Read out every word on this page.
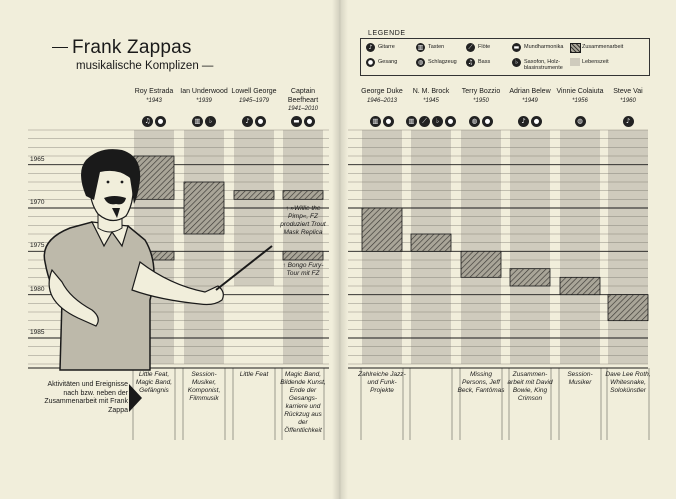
Frank Zappas
musikalische Komplizen —
LEGENDE
Aktivitäten und Ereignisse nach bzw. neben der Zusammenarbeit mit Frank Zappa
1965
1970
1975
1980
1985
Roy Estrada
*1943
♫	●
Little Feat, Magic Band, Gefängnis
Ian Underwood
*1939
▥	♭
Session-Musiker, Komponist, Filmmusik
Lowell George
1945–1979
♪	●
Little Feat
Captain Beefheart
1941–2010
▬	●
Magic Band, Bildende Kunst, Ende der Gesangs-karriere und Rückzug aus der Öffentlichkeit
George Duke
1946–2013
▥	●
Zahlreiche Jazz- und Funk-Projekte
N. M. Brock
*1945
▥	⟋	♭	●
Terry Bozzio
*1950
◍	●
Missing Persons, Jeff Beck, Fantômas
Adrian Belew
*1949
♪	●
Zusammen-arbeit mit David Bowie, King Crimson
Vinnie Colaiuta
*1956
◍
Session-Musiker
Steve Vai
*1960
♪
Dave Lee Roth, Whitesnake, Solokünstler
♪	Gitarre	▥ Tasten	⟋ Flöte	▬ Mundharmonika	Zusammenarbeit
● Gesang	◍ Schlagzeug	♫ Bass	♭	Saxofon, Holz-blasinstrumente
Lebenszeit
↑ »Willie the Pimp«, FZ produziert Trout Mask Replica
↑ Bongo Fury-Tour mit FZ
